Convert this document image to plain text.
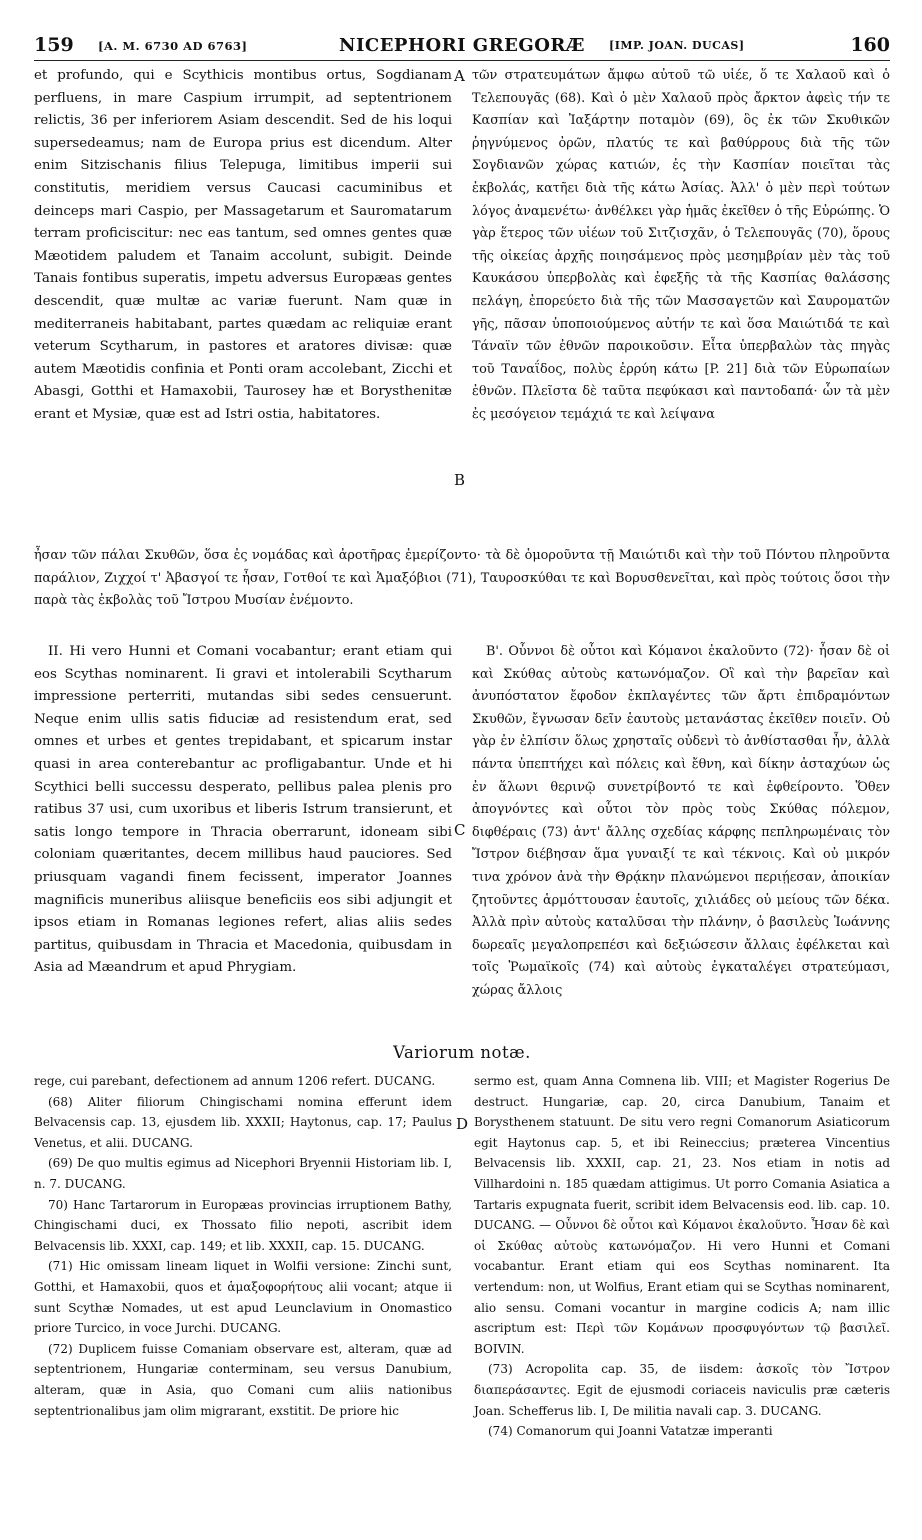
159 [A. M. 6730 AD 6763]	NICEPHORI GREGORÆ	[IMP. JOAN. DUCAS]	160

et profundo, qui e Scythicis montibus ortus, Sogdianam perfluens, in mare Caspium irrumpit, ad septentrionem relictis, 36 per inferiorem Asiam descendit. Sed de his loqui supersedeamus; nam de Europa prius est dicendum. Alter enim Sitzischanis filius Telepuga, limitibus imperii sui constitutis, meridiem versus Caucasi cacuminibus et deinceps mari Caspio, per Massagetarum et Sauromatarum terram proficiscitur: nec eas tantum, sed omnes gentes quæ Mæotidem paludem et Tanaim accolunt, subigit. Deinde Tanais fontibus superatis, impetu adversus Europæas gentes descendit, quæ multæ ac variæ fuerunt. Nam quæ in mediterraneis habitabant, partes quædam ac reliquiæ erant veterum Scytharum, in pastores et aratores divisæ: quæ autem Mæotidis confinia et Ponti oram accolebant, Zicchi et Abasgi, Gotthi et Hamaxobii, Taurosey hæ et Borysthenitæ erant et Mysiæ, quæ est ad Istri ostia, habitatores.

τῶν στρατευμάτων ἄμφω αὐτοῦ τῶ υἱέε, ὅ τε Χαλαοῦ καὶ ὁ Τελεπουγᾶς (68). Καὶ ὁ μὲν Χαλαοῦ πρὸς ἄρκτον ἀφεὶς τήν τε Κασπίαν καὶ Ἰαξάρτην ποταμὸν (69), ὃς ἐκ τῶν Σκυθικῶν ῥηγνύμενος ὀρῶν, πλατύς τε καὶ βαθύρρους διὰ τῆς τῶν Σογδιανῶν χώρας κατιών, ἐς τὴν Κασπίαν ποιεῖται τὰς ἐκβολάς, κατῆει διὰ τῆς κάτω Ἀσίας. Ἀλλ' ὁ μὲν περὶ τούτων λόγος ἀναμενέτω· ἀνθέλκει γὰρ ἡμᾶς ἐκεῖθεν ὁ τῆς Εὐρώπης. Ὁ γὰρ ἕτερος τῶν υἱέων τοῦ Σιτζισχᾶν, ὁ Τελεπουγᾶς (70), ὅρους τῆς οἰκείας ἀρχῆς ποιησάμενος πρὸς μεσημβρίαν μὲν τὰς τοῦ Καυκάσου ὑπερβολὰς καὶ ἐφεξῆς τὰ τῆς Κασπίας θαλάσσης πελάγη, ἐπορεύετο διὰ τῆς τῶν Μασσαγετῶν καὶ Σαυροματῶν γῆς, πᾶσαν ὑποποιούμενος αὐτήν τε καὶ ὅσα Μαιώτιδά τε καὶ Τάναϊν τῶν ἐθνῶν παροικοῦσιν. Εἶτα ὑπερβαλὼν τὰς πηγὰς τοῦ Ταναΐδος, πολὺς ἐρρύη κάτω [P. 21] διὰ τῶν Εὐρωπαίων ἐθνῶν. Πλεῖστα δὲ ταῦτα πεφύκασι καὶ παντοδαπά· ὧν τὰ μὲν ἐς μεσόγειον τεμάχιά τε καὶ λείψανα

A
B

ἦσαν τῶν πάλαι Σκυθῶν, ὅσα ἐς νομάδας καὶ ἀροτῆρας ἐμερίζοντο· τὰ δὲ ὁμοροῦντα τῇ Μαιώτιδι καὶ τὴν τοῦ Πόντου πληροῦντα παράλιον, Ζιχχοί τ' Ἀβασγοί τε ἦσαν, Γοτθοί τε καὶ Ἁμαξόβιοι (71), Ταυροσκύθαι τε καὶ Βορυσθενεῖται, καὶ πρὸς τούτοις ὅσοι τὴν παρὰ τὰς ἐκβολὰς τοῦ Ἴστρου Μυσίαν ἐνέμοντο.

II. Hi vero Hunni et Comani vocabantur; erant etiam qui eos Scythas nominarent. Ii gravi et intolerabili Scytharum impressione perterriti, mutandas sibi sedes censuerunt. Neque enim ullis satis fiduciæ ad resistendum erat, sed omnes et urbes et gentes trepidabant, et spicarum instar quasi in area conterebantur ac profligabantur. Unde et hi Scythici belli successu desperato, pellibus palea plenis pro ratibus 37 usi, cum uxoribus et liberis Istrum transierunt, et satis longo tempore in Thracia oberrarunt, idoneam sibi coloniam quæritantes, decem millibus haud pauciores. Sed priusquam vagandi finem fecissent, imperator Joannes magnificis muneribus aliisque beneficiis eos sibi adjungit et ipsos etiam in Romanas legiones refert, alias aliis sedes partitus, quibusdam in Thracia et Macedonia, quibusdam in Asia ad Mæandrum et apud Phrygiam.

Β'. Οὖννοι δὲ οὗτοι καὶ Κόμανοι ἐκαλοῦντο (72)· ἦσαν δὲ οἱ καὶ Σκύθας αὐτοὺς κατωνόμαζον. Οἳ καὶ τὴν βαρεῖαν καὶ ἀνυπόστατον ἔφοδον ἐκπλαγέντες τῶν ἄρτι ἐπιδραμόντων Σκυθῶν, ἔγνωσαν δεῖν ἑαυτοὺς μετανάστας ἐκεῖθεν ποιεῖν. Οὐ γὰρ ἐν ἐλπίσιν ὅλως χρησταῖς οὐδενὶ τὸ ἀνθίστασθαι ἦν, ἀλλὰ πάντα ὑπεπτήχει καὶ πόλεις καὶ ἔθνη, καὶ δίκην ἀσταχύων ὡς ἐν ἅλωνι θερινῷ συνετρίβοντό τε καὶ ἐφθείροντο. Ὅθεν ἀπογνόντες καὶ οὗτοι τὸν πρὸς τοὺς Σκύθας πόλεμον, διφθέραις (73) ἀντ' ἄλλης σχεδίας κάρφης πεπληρωμέναις τὸν Ἴστρον διέβησαν ἅμα γυναιξί τε καὶ τέκνοις. Καὶ οὐ μικρόν τινα χρόνον ἀνὰ τὴν Θρᾴκην πλανώμενοι περιῄεσαν, ἀποικίαν ζητοῦντες ἁρμόττουσαν ἑαυτοῖς, χιλιάδες οὐ μείους τῶν δέκα. Ἀλλὰ πρὶν αὐτοὺς καταλῦσαι τὴν πλάνην, ὁ βασιλεὺς Ἰωάννης δωρεαῖς μεγαλοπρεπέσι καὶ δεξιώσεσιν ἄλλαις ἐφέλκεται καὶ τοῖς Ῥωμαϊκοῖς (74) καὶ αὐτοὺς ἐγκαταλέγει στρατεύμασι, χώρας ἄλλοις

C
Variorum notæ.

rege, cui parebant, defectionem ad annum 1206 refert. DUCANG.

(68) Aliter filiorum Chingischami nomina efferunt idem Belvacensis cap. 13, ejusdem lib. XXXII; Haytonus, cap. 17; Paulus Venetus, et alii. DUCANG.

(69) De quo multis egimus ad Nicephori Bryennii Historiam lib. I, n. 7. DUCANG.

70) Hanc Tartarorum in Europæas provincias irruptionem Bathy, Chingischami duci, ex Thossato filio nepoti, ascribit idem Belvacensis lib. XXXI, cap. 149; et lib. XXXII, cap. 15. DUCANG.

(71) Hic omissam lineam liquet in Wolfii versione: Zinchi sunt, Gotthi, et Hamaxobii, quos et ἁμαξοφορήτους alii vocant; atque ii sunt Scythæ Nomades, ut est apud Leunclavium in Onomastico priore Turcico, in voce Jurchi. DUCANG.

(72) Duplicem fuisse Comaniam observare est, alteram, quæ ad septentrionem, Hungariæ conterminam, seu versus Danubium, alteram, quæ in Asia, quo Comani cum aliis nationibus septentrionalibus jam olim migrarant, exstitit. De priore hic

D

sermo est, quam Anna Comnena lib. VIII; et Magister Rogerius De destruct. Hungariæ, cap. 20, circa Danubium, Tanaim et Borysthenem statuunt. De situ vero regni Comanorum Asiaticorum egit Haytonus cap. 5, et ibi Reineccius; præterea Vincentius Belvacensis lib. XXXII, cap. 21, 23. Nos etiam in notis ad Villhardoini n. 185 quædam attigimus. Ut porro Comania Asiatica a Tartaris expugnata fuerit, scribit idem Belvacensis eod. lib. cap. 10. DUCANG. — Οὖννοι δὲ οὗτοι καὶ Κόμανοι ἐκαλοῦντο. Ἦσαν δὲ καὶ οἱ Σκύθας αὐτοὺς κατωνόμαζον. Hi vero Hunni et Comani vocabantur. Erant etiam qui eos Scythas nominarent. Ita vertendum: non, ut Wolfius, Erant etiam qui se Scythas nominarent, alio sensu. Comani vocantur in margine codicis A; nam illic ascriptum est: Περὶ τῶν Κομάνων προσφυγόντων τῷ βασιλεῖ. BOIVIN.

(73) Acropolita cap. 35, de iisdem: ἀσκοῖς τὸν Ἴστρον διαπεράσαντες. Egit de ejusmodi coriaceis naviculis præ cæteris Joan. Schefferus lib. I, De militia navali cap. 3. DUCANG.

(74) Comanorum qui Joanni Vatatzæ imperanti
